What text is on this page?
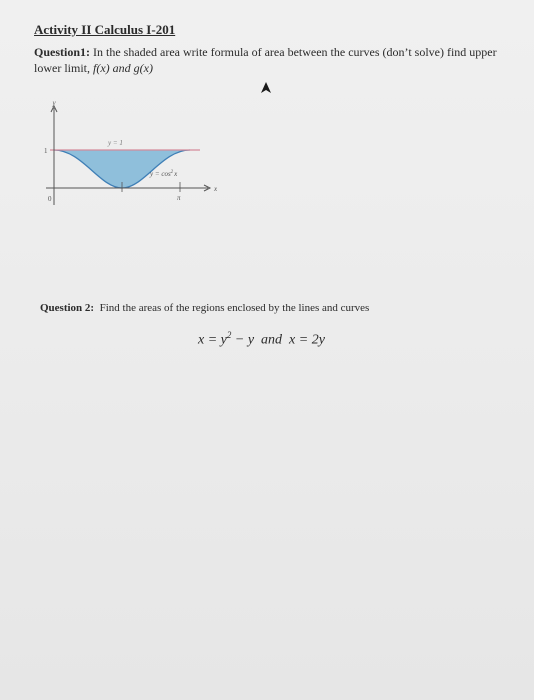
Activity II Calculus I-201
Question1: In the shaded area write formula of area between the curves (don’t solve) find upper lower limit, f(x) and g(x)
y
x
0
1
y = 1
$y = \cos^2x$
π
Question 2: Find the areas of the regions enclosed by the lines and curves
$x = y^2 - y$ and x = 2y
